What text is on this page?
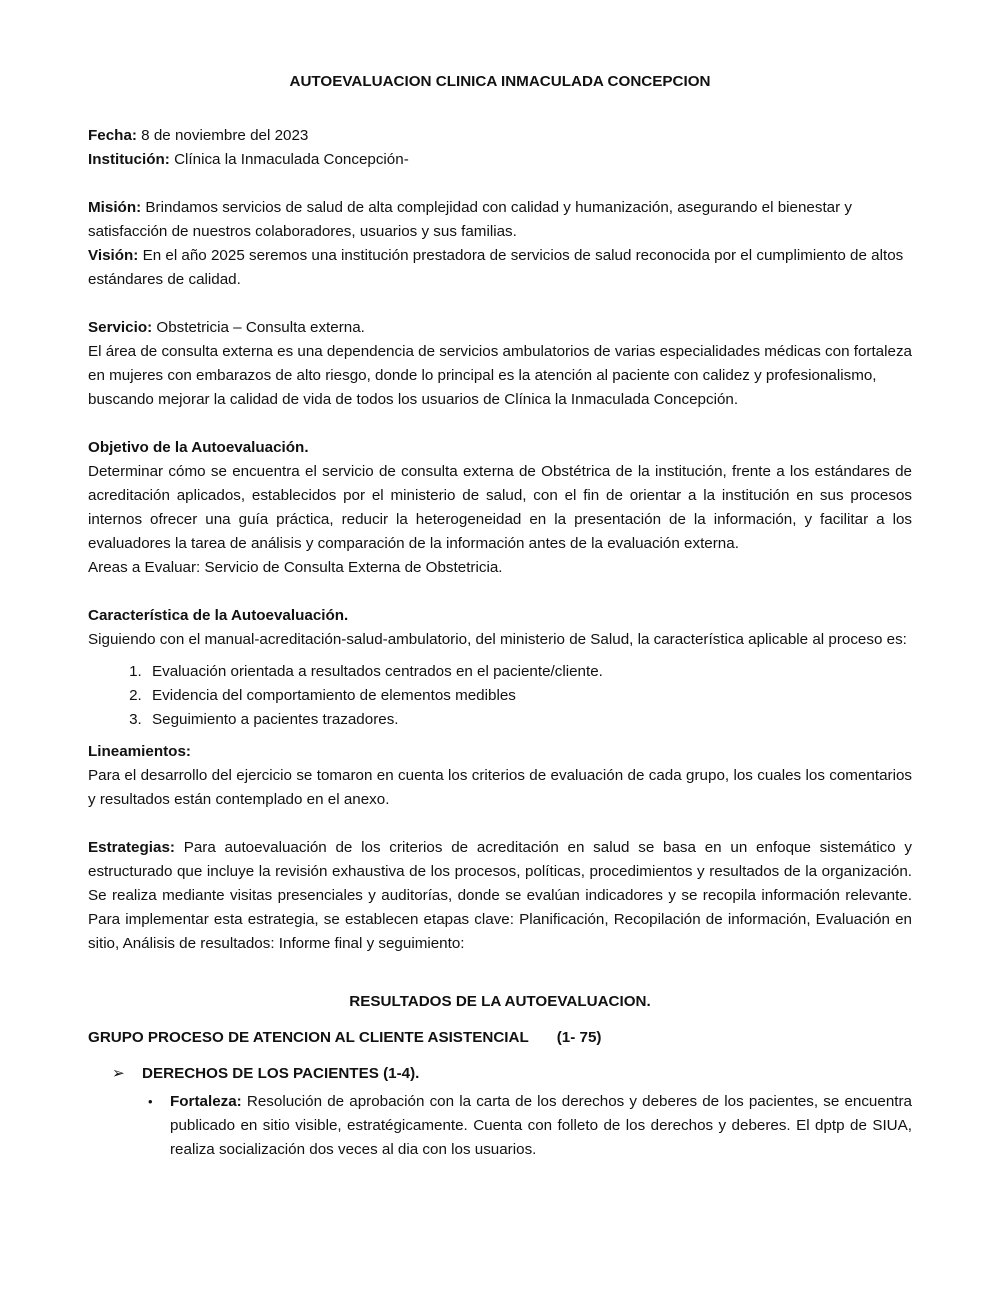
AUTOEVALUACION CLINICA INMACULADA CONCEPCION

Fecha: 8 de noviembre del 2023

Institución: Clínica la Inmaculada Concepción-

Misión: Brindamos servicios de salud de alta complejidad con calidad y humanización, asegurando el bienestar y satisfacción de nuestros colaboradores, usuarios y sus familias.

Visión: En el año 2025 seremos una institución prestadora de servicios de salud reconocida por el cumplimiento de altos estándares de calidad.

Servicio: Obstetricia – Consulta externa.

El área de consulta externa es una dependencia de servicios ambulatorios de varias especialidades médicas con fortaleza en mujeres con embarazos de alto riesgo, donde lo principal es la atención al paciente con calidez y profesionalismo, buscando mejorar la calidad de vida de todos los usuarios de Clínica la Inmaculada Concepción.

Objetivo de la Autoevaluación.

Determinar cómo se encuentra el servicio de consulta externa de Obstétrica de la institución, frente a los estándares de acreditación aplicados, establecidos por el ministerio de salud, con el fin de orientar a la institución en sus procesos internos ofrecer una guía práctica, reducir la heterogeneidad en la presentación de la información, y facilitar a los evaluadores la tarea de análisis y comparación de la información antes de la evaluación externa.

Areas a Evaluar: Servicio de Consulta Externa de Obstetricia.

Característica de la Autoevaluación.

Siguiendo con el manual-acreditación-salud-ambulatorio, del ministerio de Salud, la característica aplicable al proceso es:

1. Evaluación orientada a resultados centrados en el paciente/cliente.
2. Evidencia del comportamiento de elementos medibles
3. Seguimiento a pacientes trazadores.

Lineamientos:

Para el desarrollo del ejercicio se tomaron en cuenta los criterios de evaluación de cada grupo, los cuales los comentarios y resultados están contemplado en el anexo.

Estrategias: Para autoevaluación de los criterios de acreditación en salud se basa en un enfoque sistemático y estructurado que incluye la revisión exhaustiva de los procesos, políticas, procedimientos y resultados de la organización. Se realiza mediante visitas presenciales y auditorías, donde se evalúan indicadores y se recopila información relevante. Para implementar esta estrategia, se establecen etapas clave: Planificación, Recopilación de información, Evaluación en sitio, Análisis de resultados: Informe final y seguimiento:

RESULTADOS DE LA AUTOEVALUACION.

GRUPO PROCESO DE ATENCION AL CLIENTE ASISTENCIAL (1- 75)

➢ DERECHOS DE LOS PACIENTES (1-4).

• Fortaleza: Resolución de aprobación con la carta de los derechos y deberes de los pacientes, se encuentra publicado en sitio visible, estratégicamente. Cuenta con folleto de los derechos y deberes. El dptp de SIUA, realiza socialización dos veces al dia con los usuarios.
